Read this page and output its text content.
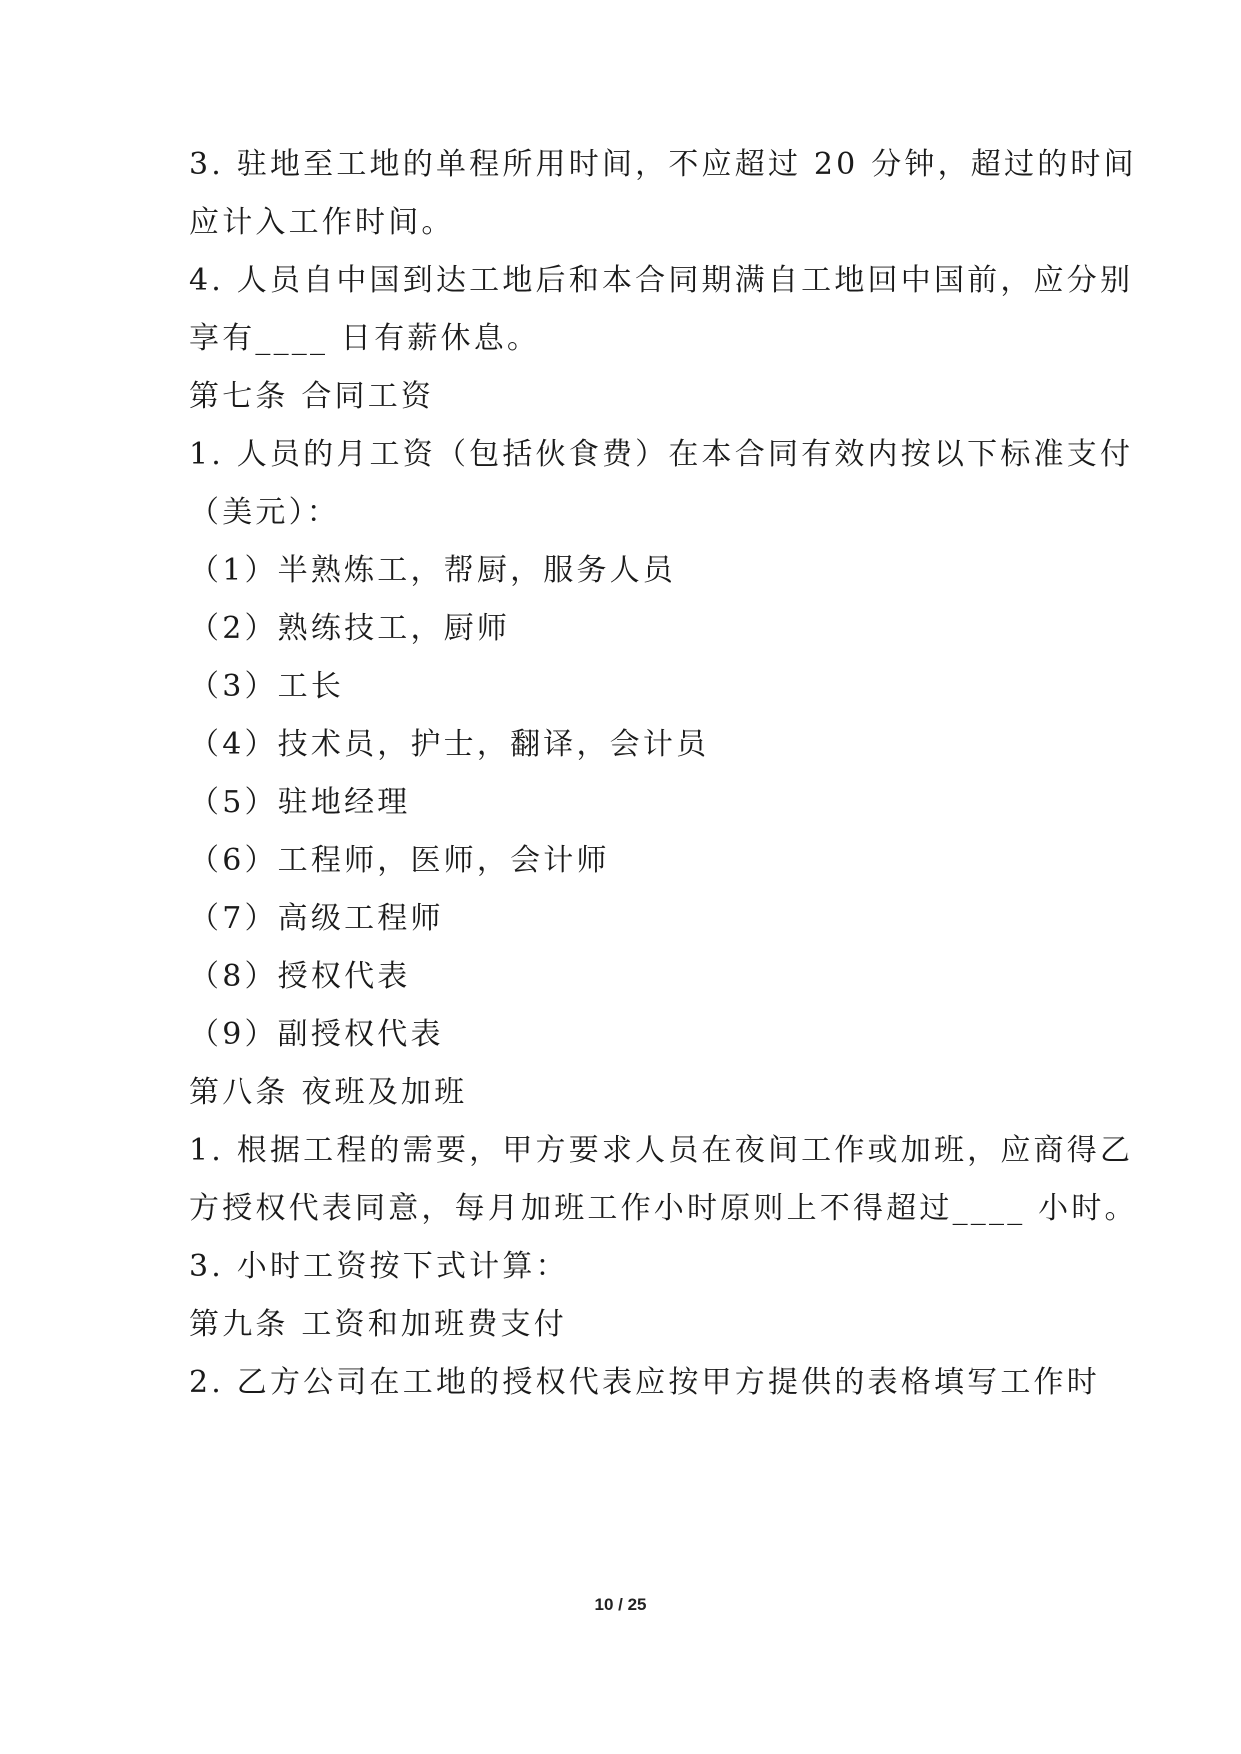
3. 驻地至工地的单程所用时间，不应超过 20 分钟，超过的时间
应计入工作时间。
4. 人员自中国到达工地后和本合同期满自工地回中国前，应分别
享有____ 日有薪休息。
第七条 合同工资
1. 人员的月工资（包括伙食费）在本合同有效内按以下标准支付
（美元）：
（1）半熟炼工，帮厨，服务人员
（2）熟练技工，厨师
（3）工长
（4）技术员，护士，翻译，会计员
（5）驻地经理
（6）工程师，医师，会计师
（7）高级工程师
（8）授权代表
（9）副授权代表
第八条 夜班及加班
1. 根据工程的需要，甲方要求人员在夜间工作或加班，应商得乙
方授权代表同意，每月加班工作小时原则上不得超过____ 小时。
3. 小时工资按下式计算：
第九条 工资和加班费支付
2. 乙方公司在工地的授权代表应按甲方提供的表格填写工作时
10 / 25
